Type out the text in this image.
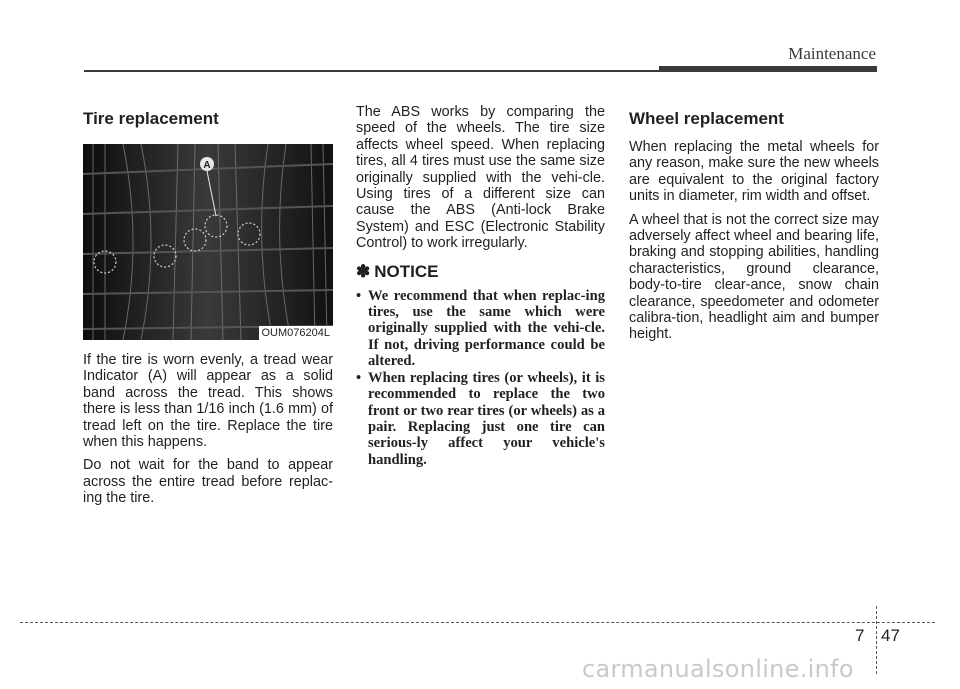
Maintenance
Tire replacement
A
OUM076204L

If the tire is worn evenly, a tread wear Indicator (A) will appear as a solid band across the tread. This shows there is less than 1/16 inch (1.6 mm) of tread left on the tire. Replace the tire when this happens.

Do not wait for the band to appear across the entire tread before replac-ing the tire.

The ABS works by comparing the speed of the wheels. The tire size affects wheel speed. When replacing tires, all 4 tires must use the same size originally supplied with the vehi-cle. Using tires of a different size can cause the ABS (Anti-lock Brake System) and ESC (Electronic Stability Control) to work irregularly.

✽ NOTICE
• We recommend that when replac-ing tires, use the same which were originally supplied with the vehi-cle. If not, driving performance could be altered.
• When replacing tires (or wheels), it is recommended to replace the two front or two rear tires (or wheels) as a pair. Replacing just one tire can serious-ly affect your vehicle's handling.
Wheel replacement

When replacing the metal wheels for any reason, make sure the new wheels are equivalent to the original factory units in diameter, rim width and offset.

A wheel that is not the correct size may adversely affect wheel and bearing life, braking and stopping abilities, handling characteristics, ground clearance, body-to-tire clear-ance, snow chain clearance, speedometer and odometer calibra-tion, headlight aim and bumper height.

7 47
carmanualsonline.info
